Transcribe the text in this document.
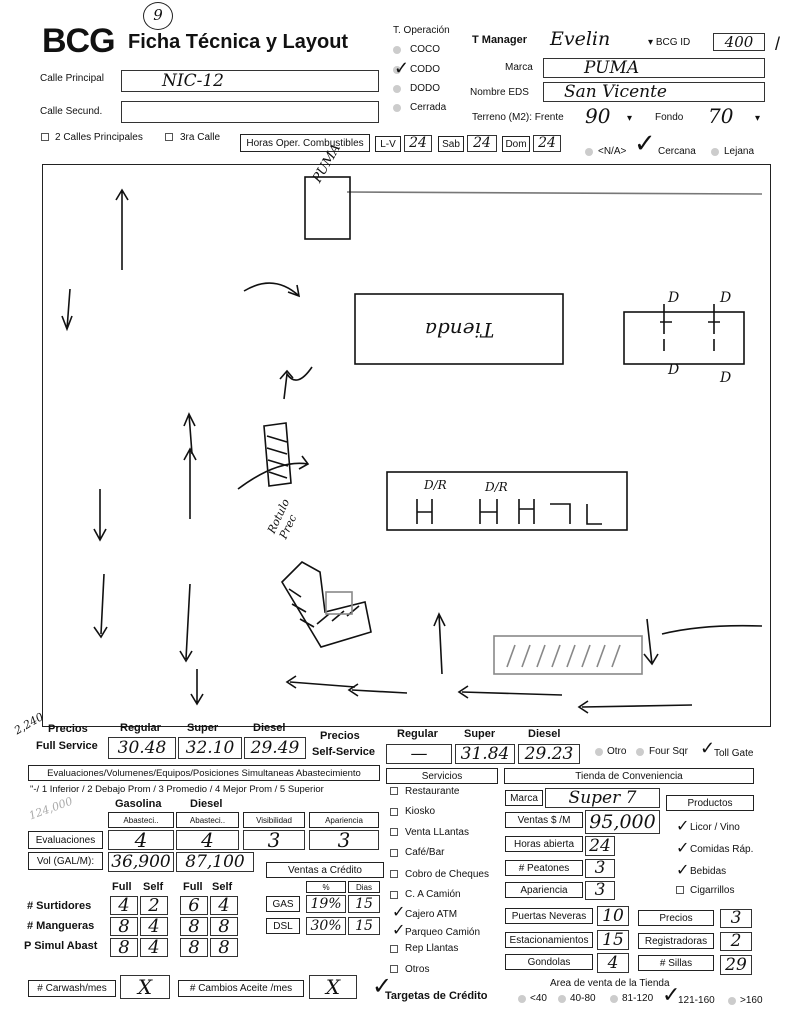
BCG Ficha Técnica y Layout
9
T. Operación
COCO
CODO
✓
DODO
Cerrada
T Manager Evelin	▾ BCG ID	400	/
Marca	PUMA
Nombre EDS	San Vicente
Terreno (M2): Frente 90 ▾ Fondo 70 ▾
Calle Principal	NIC-12
Calle Secund.
2 Calles Principales	3ra Calle	Horas Oper. Combustibles	L-V 24	Sab 24	Dom 24
<N/A> ✓ Cercana	Lejana
PUMA
Tienda
D	D
D	D
D/R	D/R
Rotulo Prec
2,240 Precios
Full Service
Regular Super	Diesel
30.48	32.10 29.49
Precios
Self-Service
Regular Super	Diesel
—	31.84 29.23	Otro Four Sqr ✓
Toll Gate
Evaluaciones/Volumenes/Equipos/Posiciones Simultaneas Abastecimiento
"-/ 1 Inferior / 2 Debajo Prom / 3 Promedio / 4 Mejor Prom / 5 Superior
124,000	Gasolina	Diesel
Abasteci..	Abasteci..	Visibilidad	Apariencia
Evaluaciones	4	4	3	3
Vol (GAL/M):	36,900 87,100	Ventas a Crédito
%	Dias
GAS	19% 15
DSL	30% 15
Full Self Full Self
# Surtidores
# Mangueras
P Simul Abast
4	2	6	4
8	4	8	8
8	4	8	8
# Carwash/mes	X	# Cambios Aceite /mes	X
Servicios
Restaurante
Kiosko
Venta LLantas
Café/Bar
Cobro de Cheques
C. A Camión
✓ Cajero ATM
✓ Parqueo Camión
Rep Llantas
Otros
✓
Targetas de Crédito
Tienda de Conveniencia
Marca	Super 7	Productos
Ventas $ /M 95,000
Horas abierta 24
# Peatones	3
Apariencia	3
✓ Licor / Vino
✓ Comidas Ráp.
✓ Bebidas
Cigarrillos
Puertas Neveras 10
Estacionamientos 15
Gondolas	4
Precios	3
Registradoras	2
# Sillas	29
Area de venta de la Tienda
<40 40-80	81-120 ✓
121-160	>160
